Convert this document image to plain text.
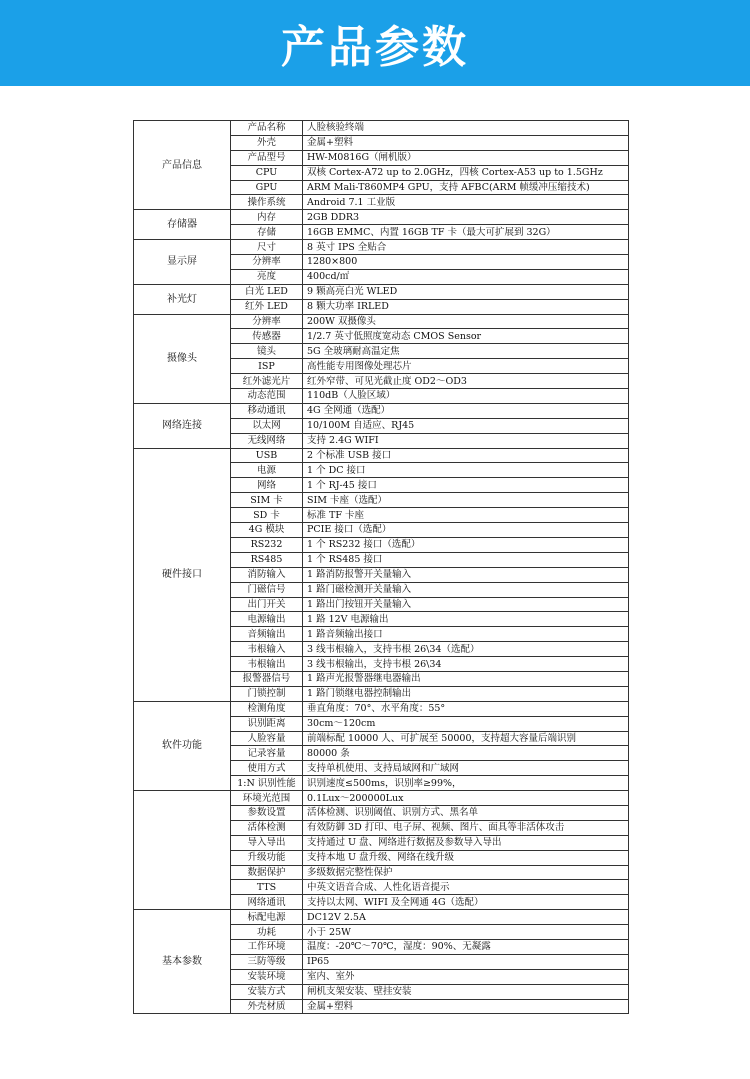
产品参数
产品信息	产品名称	人脸核验终端
	外壳	金属+塑料
	产品型号	HW-M0816G（闸机版）
	CPU	双核 Cortex-A72 up to 2.0GHz，四核 Cortex-A53 up to 1.5GHz
	GPU	ARM Mali-T860MP4 GPU，支持 AFBC(ARM 帧缓冲压缩技术)
	操作系统	Android 7.1 工业版
存储器	内存	2GB DDR3
	存储	16GB EMMC、内置 16GB TF 卡（最大可扩展到 32G）
显示屏	尺寸	8 英寸 IPS 全贴合
	分辨率	1280×800
	亮度	400cd/㎡
补光灯	白光 LED	9 颗高亮白光 WLED
	红外 LED	8 颗大功率 IRLED
摄像头	分辨率	200W 双摄像头
	传感器	1/2.7 英寸低照度宽动态 CMOS Sensor
	镜头	5G 全玻璃耐高温定焦
	ISP	高性能专用图像处理芯片
	红外滤光片	红外窄带、可见光截止度 OD2～OD3
	动态范围	110dB（人脸区域）
网络连接	移动通讯	4G 全网通（选配）
	以太网	10/100M 自适应、RJ45
	无线网络	支持 2.4G WIFI
硬件接口	USB	2 个标准 USB 接口
	电源	1 个 DC 接口
	网络	1 个 RJ-45 接口
	SIM 卡	SIM 卡座（选配）
	SD 卡	标准 TF 卡座
	4G 模块	PCIE 接口（选配）
	RS232	1 个 RS232 接口（选配）
	RS485	1 个 RS485 接口
	消防输入	1 路消防报警开关量输入
	门磁信号	1 路门磁检测开关量输入
	出门开关	1 路出门按钮开关量输入
	电源输出	1 路 12V 电源输出
	音频输出	1 路音频输出接口
	韦根输入	3 线韦根输入，支持韦根 26\34（选配）
	韦根输出	3 线韦根输出，支持韦根 26\34
	报警器信号	1 路声光报警器继电器输出
	门锁控制	1 路门锁继电器控制输出
软件功能	检测角度	垂直角度：70°、水平角度：55°
	识别距离	30cm～120cm
	人脸容量	前端标配 10000 人、可扩展至 50000，支持超大容量后端识别
	记录容量	80000 条
	使用方式	支持单机使用、支持局域网和广域网
	1:N 识别性能	识别速度≤500ms，识别率≥99%，
	环境光范围	0.1Lux～200000Lux
	参数设置	活体检测、识别阈值、识别方式、黑名单
	活体检测	有效防御 3D 打印、电子屏、视频、图片、面具等非活体攻击
	导入导出	支持通过 U 盘、网络进行数据及参数导入导出
	升级功能	支持本地 U 盘升级、网络在线升级
	数据保护	多级数据完整性保护
	TTS	中英文语音合成、人性化语音提示
	网络通讯	支持以太网、WIFI 及全网通 4G（选配）
基本参数	标配电源	DC12V 2.5A
	功耗	小于 25W
	工作环境	温度：-20℃～70℃，湿度：90%、无凝露
	三防等级	IP65
	安装环境	室内、室外
	安装方式	闸机支架安装、壁挂安装
	外壳材质	金属+塑料
